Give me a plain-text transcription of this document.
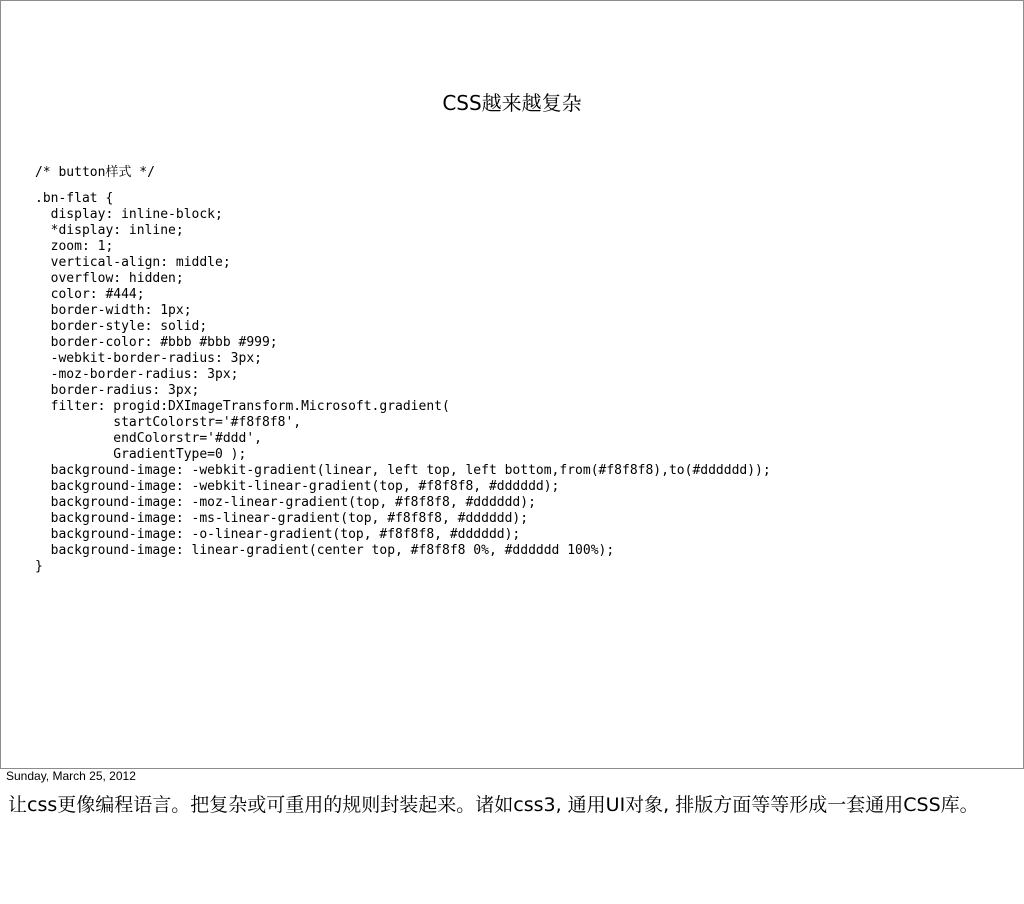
CSS越来越复杂
/* button样式 */
.bn-flat {
display: inline-block;
*display: inline;
zoom: 1;
vertical-align: middle;
overflow: hidden;
color: #444;
border-width: 1px;
border-style: solid;
border-color: #bbb #bbb #999;
-webkit-border-radius: 3px;
-moz-border-radius: 3px;
border-radius: 3px;
filter: progid:DXImageTransform.Microsoft.gradient(
startColorstr='#f8f8f8',
endColorstr='#ddd',
GradientType=0 );
background-image: -webkit-gradient(linear, left top, left bottom,from(#f8f8f8),to(#dddddd));
background-image: -webkit-linear-gradient(top, #f8f8f8, #dddddd);
background-image: -moz-linear-gradient(top, #f8f8f8, #dddddd);
background-image: -ms-linear-gradient(top, #f8f8f8, #dddddd);
background-image: -o-linear-gradient(top, #f8f8f8, #dddddd);
background-image: linear-gradient(center top, #f8f8f8 0%, #dddddd 100%);
}
Sunday, March 25, 2012
让css更像编程语言。把复杂或可重用的规则封装起来。诸如css3, 通用UI对象, 排版方面等等形成一套通用CSS库。
